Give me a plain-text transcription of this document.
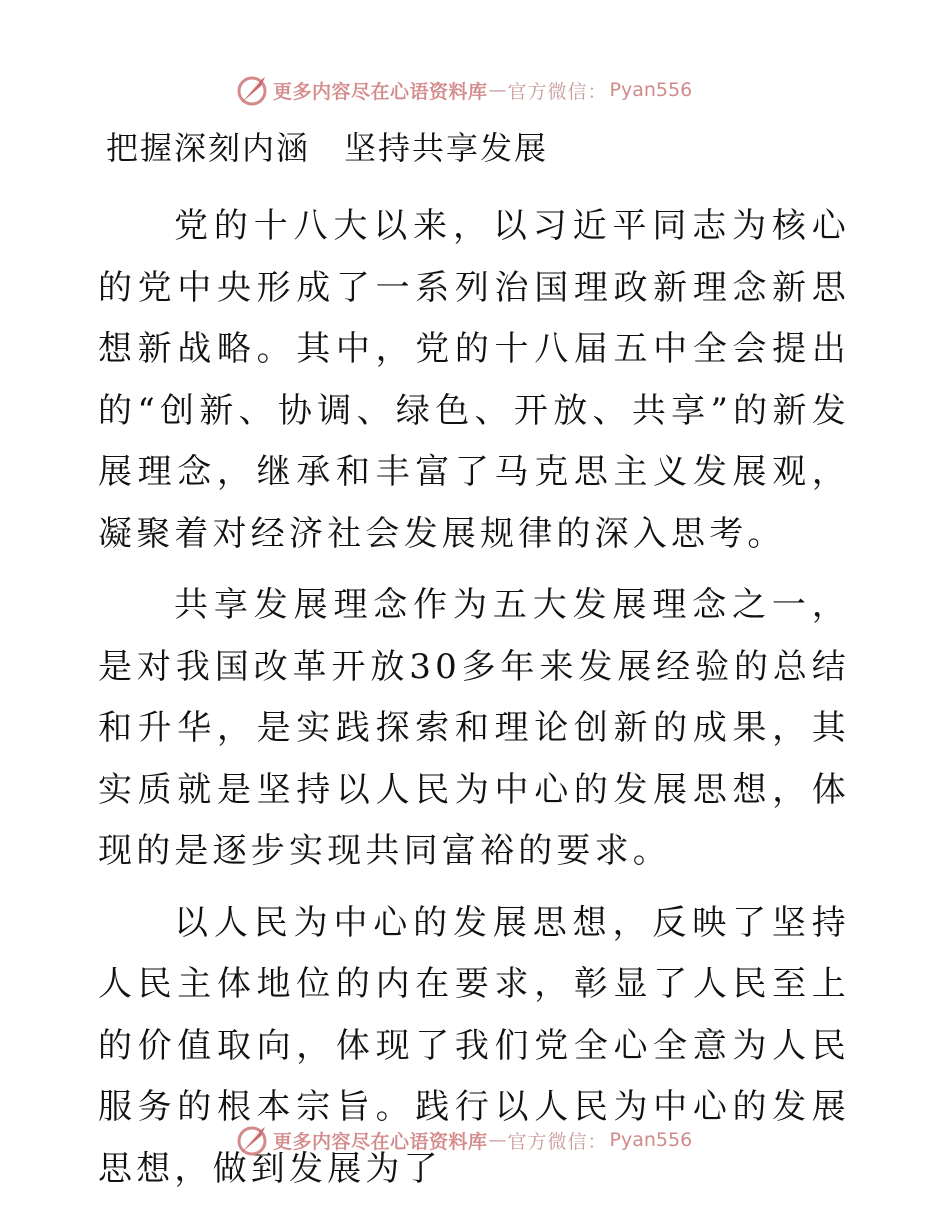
更多内容尽在心语资料库 — 官方微信： Pyan556
把握深刻内涵　坚持共享发展

党的十八大以来，以习近平同志为核心的党中央形成了一系列治国理政新理念新思想新战略。其中，党的十八届五中全会提出的“创新、协调、绿色、开放、共享”的新发展理念，继承和丰富了马克思主义发展观，凝聚着对经济社会发展规律的深入思考。

共享发展理念作为五大发展理念之一，是对我国改革开放30多年来发展经验的总结和升华，是实践探索和理论创新的成果，其实质就是坚持以人民为中心的发展思想，体现的是逐步实现共同富裕的要求。

以人民为中心的发展思想，反映了坚持人民主体地位的内在要求，彰显了人民至上的价值取向，体现了我们党全心全意为人民服务的根本宗旨。践行以人民为中心的发展思想，做到发展为了

更多内容尽在心语资料库 — 官方微信： Pyan556
